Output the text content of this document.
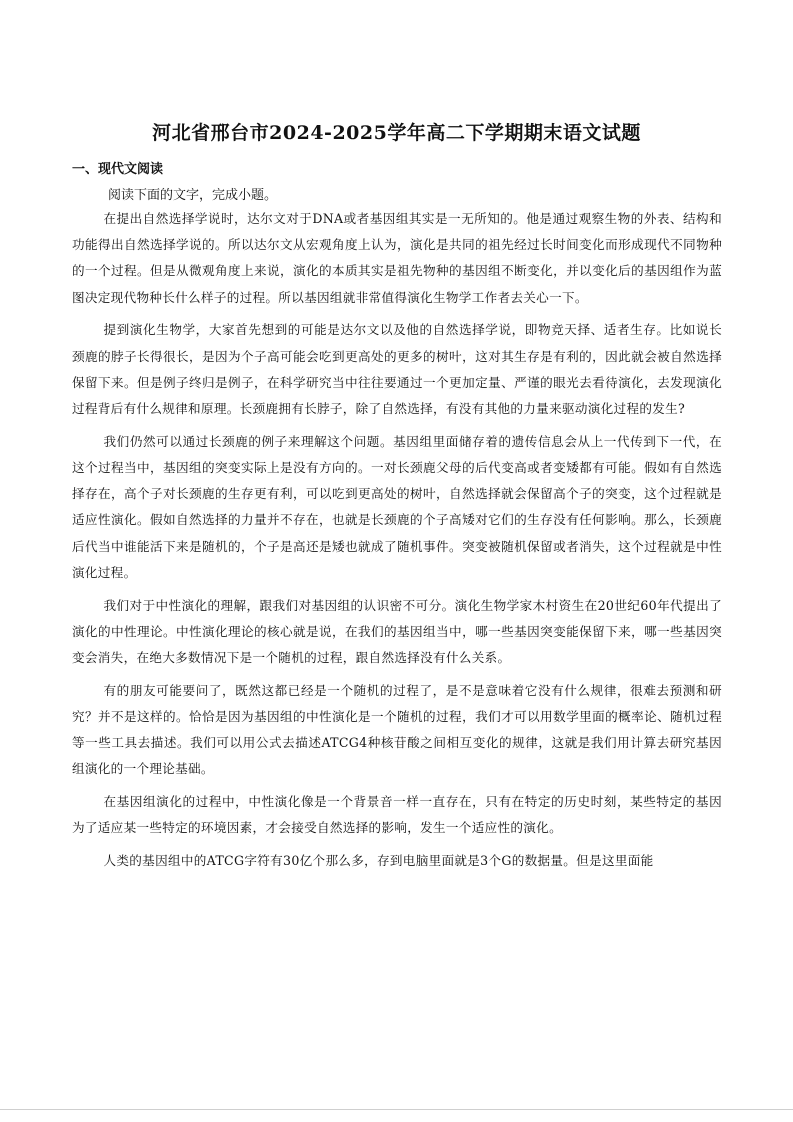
河北省邢台市2024-2025学年高二下学期期末语文试题
一、现代文阅读

阅读下面的文字，完成小题。

在提出自然选择学说时，达尔文对于DNA或者基因组其实是一无所知的。他是通过观察生物的外表、结构和功能得出自然选择学说的。所以达尔文从宏观角度上认为，演化是共同的祖先经过长时间变化而形成现代不同物种的一个过程。但是从微观角度上来说，演化的本质其实是祖先物种的基因组不断变化，并以变化后的基因组作为蓝图决定现代物种长什么样子的过程。所以基因组就非常值得演化生物学工作者去关心一下。

提到演化生物学，大家首先想到的可能是达尔文以及他的自然选择学说，即物竞天择、适者生存。比如说长颈鹿的脖子长得很长，是因为个子高可能会吃到更高处的更多的树叶，这对其生存是有利的，因此就会被自然选择保留下来。但是例子终归是例子，在科学研究当中往往要通过一个更加定量、严谨的眼光去看待演化，去发现演化过程背后有什么规律和原理。长颈鹿拥有长脖子，除了自然选择，有没有其他的力量来驱动演化过程的发生?

我们仍然可以通过长颈鹿的例子来理解这个问题。基因组里面储存着的遗传信息会从上一代传到下一代，在这个过程当中，基因组的突变实际上是没有方向的。一对长颈鹿父母的后代变高或者变矮都有可能。假如有自然选择存在，高个子对长颈鹿的生存更有利，可以吃到更高处的树叶，自然选择就会保留高个子的突变，这个过程就是适应性演化。假如自然选择的力量并不存在，也就是长颈鹿的个子高矮对它们的生存没有任何影响。那么，长颈鹿后代当中谁能活下来是随机的，个子是高还是矮也就成了随机事件。突变被随机保留或者消失，这个过程就是中性演化过程。

我们对于中性演化的理解，跟我们对基因组的认识密不可分。演化生物学家木村资生在20世纪60年代提出了演化的中性理论。中性演化理论的核心就是说，在我们的基因组当中，哪一些基因突变能保留下来，哪一些基因突变会消失，在绝大多数情况下是一个随机的过程，跟自然选择没有什么关系。

有的朋友可能要问了，既然这都已经是一个随机的过程了，是不是意味着它没有什么规律，很难去预测和研究？并不是这样的。恰恰是因为基因组的中性演化是一个随机的过程，我们才可以用数学里面的概率论、随机过程等一些工具去描述。我们可以用公式去描述ATCG4种核苷酸之间相互变化的规律，这就是我们用计算去研究基因组演化的一个理论基础。

在基因组演化的过程中，中性演化像是一个背景音一样一直存在，只有在特定的历史时刻，某些特定的基因为了适应某一些特定的环境因素，才会接受自然选择的影响，发生一个适应性的演化。

人类的基因组中的ATCG字符有30亿个那么多，存到电脑里面就是3个G的数据量。但是这里面能
